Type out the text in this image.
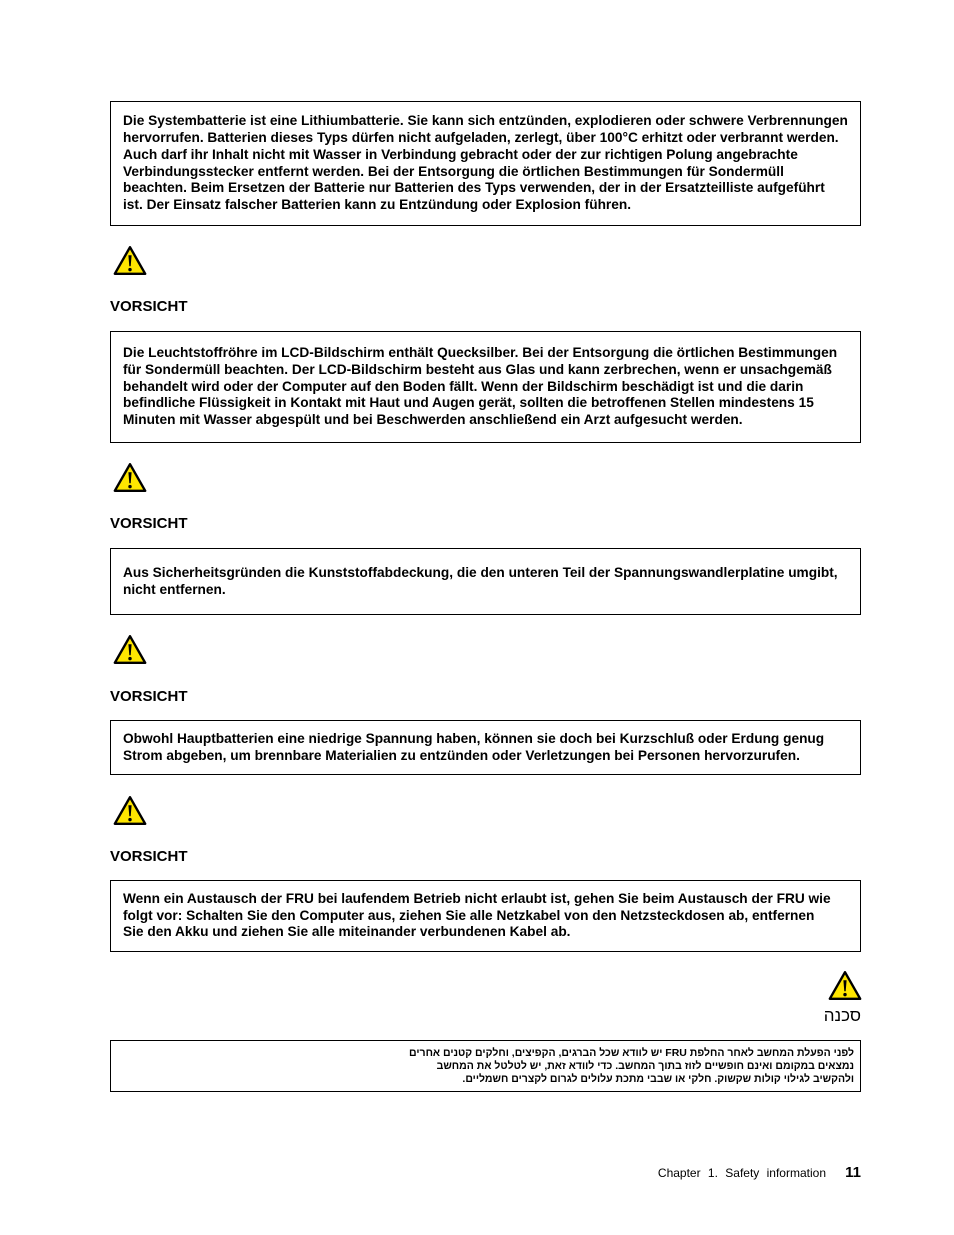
Die Systembatterie ist eine Lithiumbatterie. Sie kann sich entzünden, explodieren oder schwere Verbrennungen
hervorrufen. Batterien dieses Typs dürfen nicht aufgeladen, zerlegt, über 100°C erhitzt oder verbrannt werden.
Auch darf ihr Inhalt nicht mit Wasser in Verbindung gebracht oder der zur richtigen Polung angebrachte
Verbindungsstecker entfernt werden. Bei der Entsorgung die örtlichen Bestimmungen für Sondermüll
beachten. Beim Ersetzen der Batterie nur Batterien des Typs verwenden, der in der Ersatzteilliste aufgeführt
ist. Der Einsatz falscher Batterien kann zu Entzündung oder Explosion führen.
VORSICHT
Die Leuchtstoffröhre im LCD-Bildschirm enthält Quecksilber. Bei der Entsorgung die örtlichen Bestimmungen
für Sondermüll beachten. Der LCD-Bildschirm besteht aus Glas und kann zerbrechen, wenn er unsachgemäß
behandelt wird oder der Computer auf den Boden fällt. Wenn der Bildschirm beschädigt ist und die darin
befindliche Flüssigkeit in Kontakt mit Haut und Augen gerät, sollten die betroffenen Stellen mindestens 15
Minuten mit Wasser abgespült und bei Beschwerden anschließend ein Arzt aufgesucht werden.
VORSICHT
Aus Sicherheitsgründen die Kunststoffabdeckung, die den unteren Teil der Spannungswandlerplatine umgibt,
nicht entfernen.
VORSICHT
Obwohl Hauptbatterien eine niedrige Spannung haben, können sie doch bei Kurzschluß oder Erdung genug
Strom abgeben, um brennbare Materialien zu entzünden oder Verletzungen bei Personen hervorzurufen.
VORSICHT
Wenn ein Austausch der FRU bei laufendem Betrieb nicht erlaubt ist, gehen Sie beim Austausch der FRU wie
folgt vor: Schalten Sie den Computer aus, ziehen Sie alle Netzkabel von den Netzsteckdosen ab, entfernen
Sie den Akku und ziehen Sie alle miteinander verbundenen Kabel ab.
סכנה
לפני הפעלת המחשב לאחר החלפת FRU יש לוודא שכל הברגים, הקפיצים, וחלקים קטנים אחרים
נמצאים במקומם ואינם חופשיים לזוז בתוך המחשב. כדי לוודא זאת, יש לטלטל את המחשב
ולהקשיב לגילוי קולות שקשוק. חלקי או שבבי מתכת עלולים לגרום לקצרים חשמליים.
Chapter 1. Safety information 11
